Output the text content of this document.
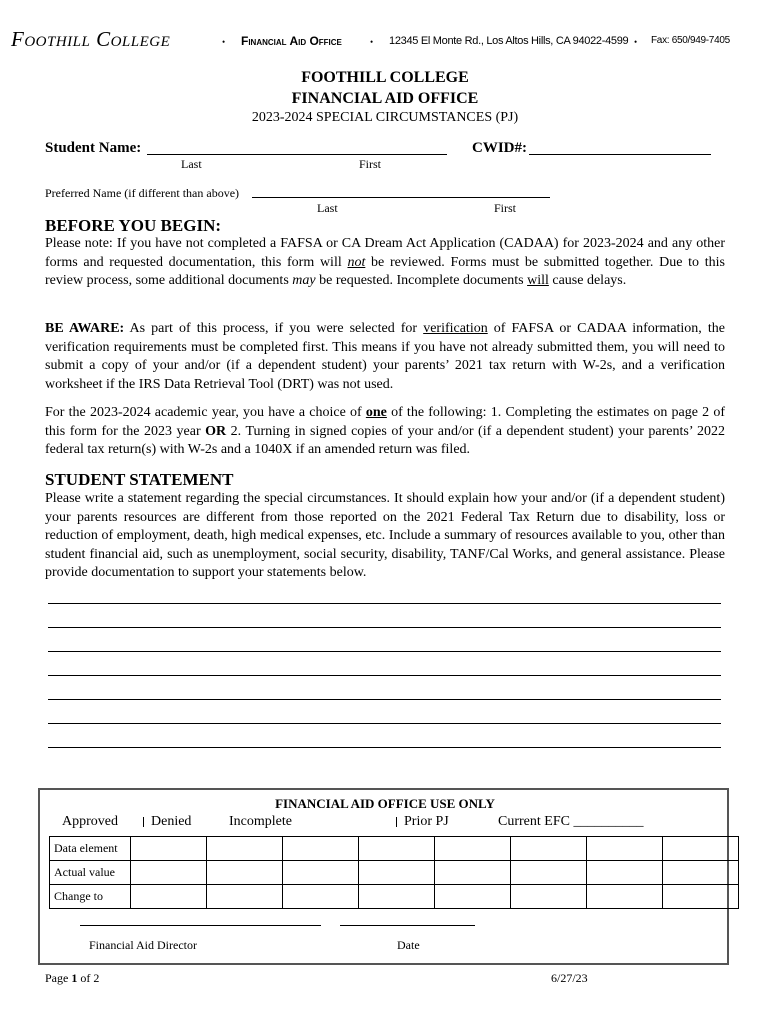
Foothill College	• Financial Aid Office	• 12345 El Monte Rd., Los Altos Hills, CA 94022-4599 • Fax: 650/949-7405
FOOTHILL COLLEGE
FINANCIAL AID OFFICE
2023-2024 SPECIAL CIRCUMSTANCES (PJ)
Student Name:	CWID#:
Last	First
Preferred Name (if different than above)
Last	First
BEFORE YOU BEGIN:

Please note: If you have not completed a FAFSA or CA Dream Act Application (CADAA) for 2023-2024 and any other forms and requested documentation, this form will not be reviewed. Forms must be submitted together. Due to this review process, some additional documents may be requested. Incomplete documents will cause delays.

BE AWARE: As part of this process, if you were selected for verification of FAFSA or CADAA information, the verification requirements must be completed first. This means if you have not already submitted them, you will need to submit a copy of your and/or (if a dependent student) your parents’ 2021 tax return with W-2s, and a verification worksheet if the IRS Data Retrieval Tool (DRT) was not used.

For the 2023-2024 academic year, you have a choice of one of the following: 1. Completing the estimates on page 2 of this form for the 2023 year OR 2. Turning in signed copies of your and/or (if a dependent student) your parents’ 2022 federal tax return(s) with W-2s and a 1040X if an amended return was filed.

STUDENT STATEMENT

Please write a statement regarding the special circumstances. It should explain how your and/or (if a dependent student) your parents resources are different from those reported on the 2021 Federal Tax Return due to disability, loss or reduction of employment, death, high medical expenses, etc. Include a summary of resources available to you, other than student financial aid, such as unemployment, social security, disability, TANF/Cal Works, and general assistance. Please provide documentation to support your statements below.

FINANCIAL AID OFFICE USE ONLY
Approved	Denied	Incomplete	Prior PJ	Current EFC __________
Data element								
Actual value								
Change to								
Financial Aid Director	Date
Page 1 of 2	6/27/23
